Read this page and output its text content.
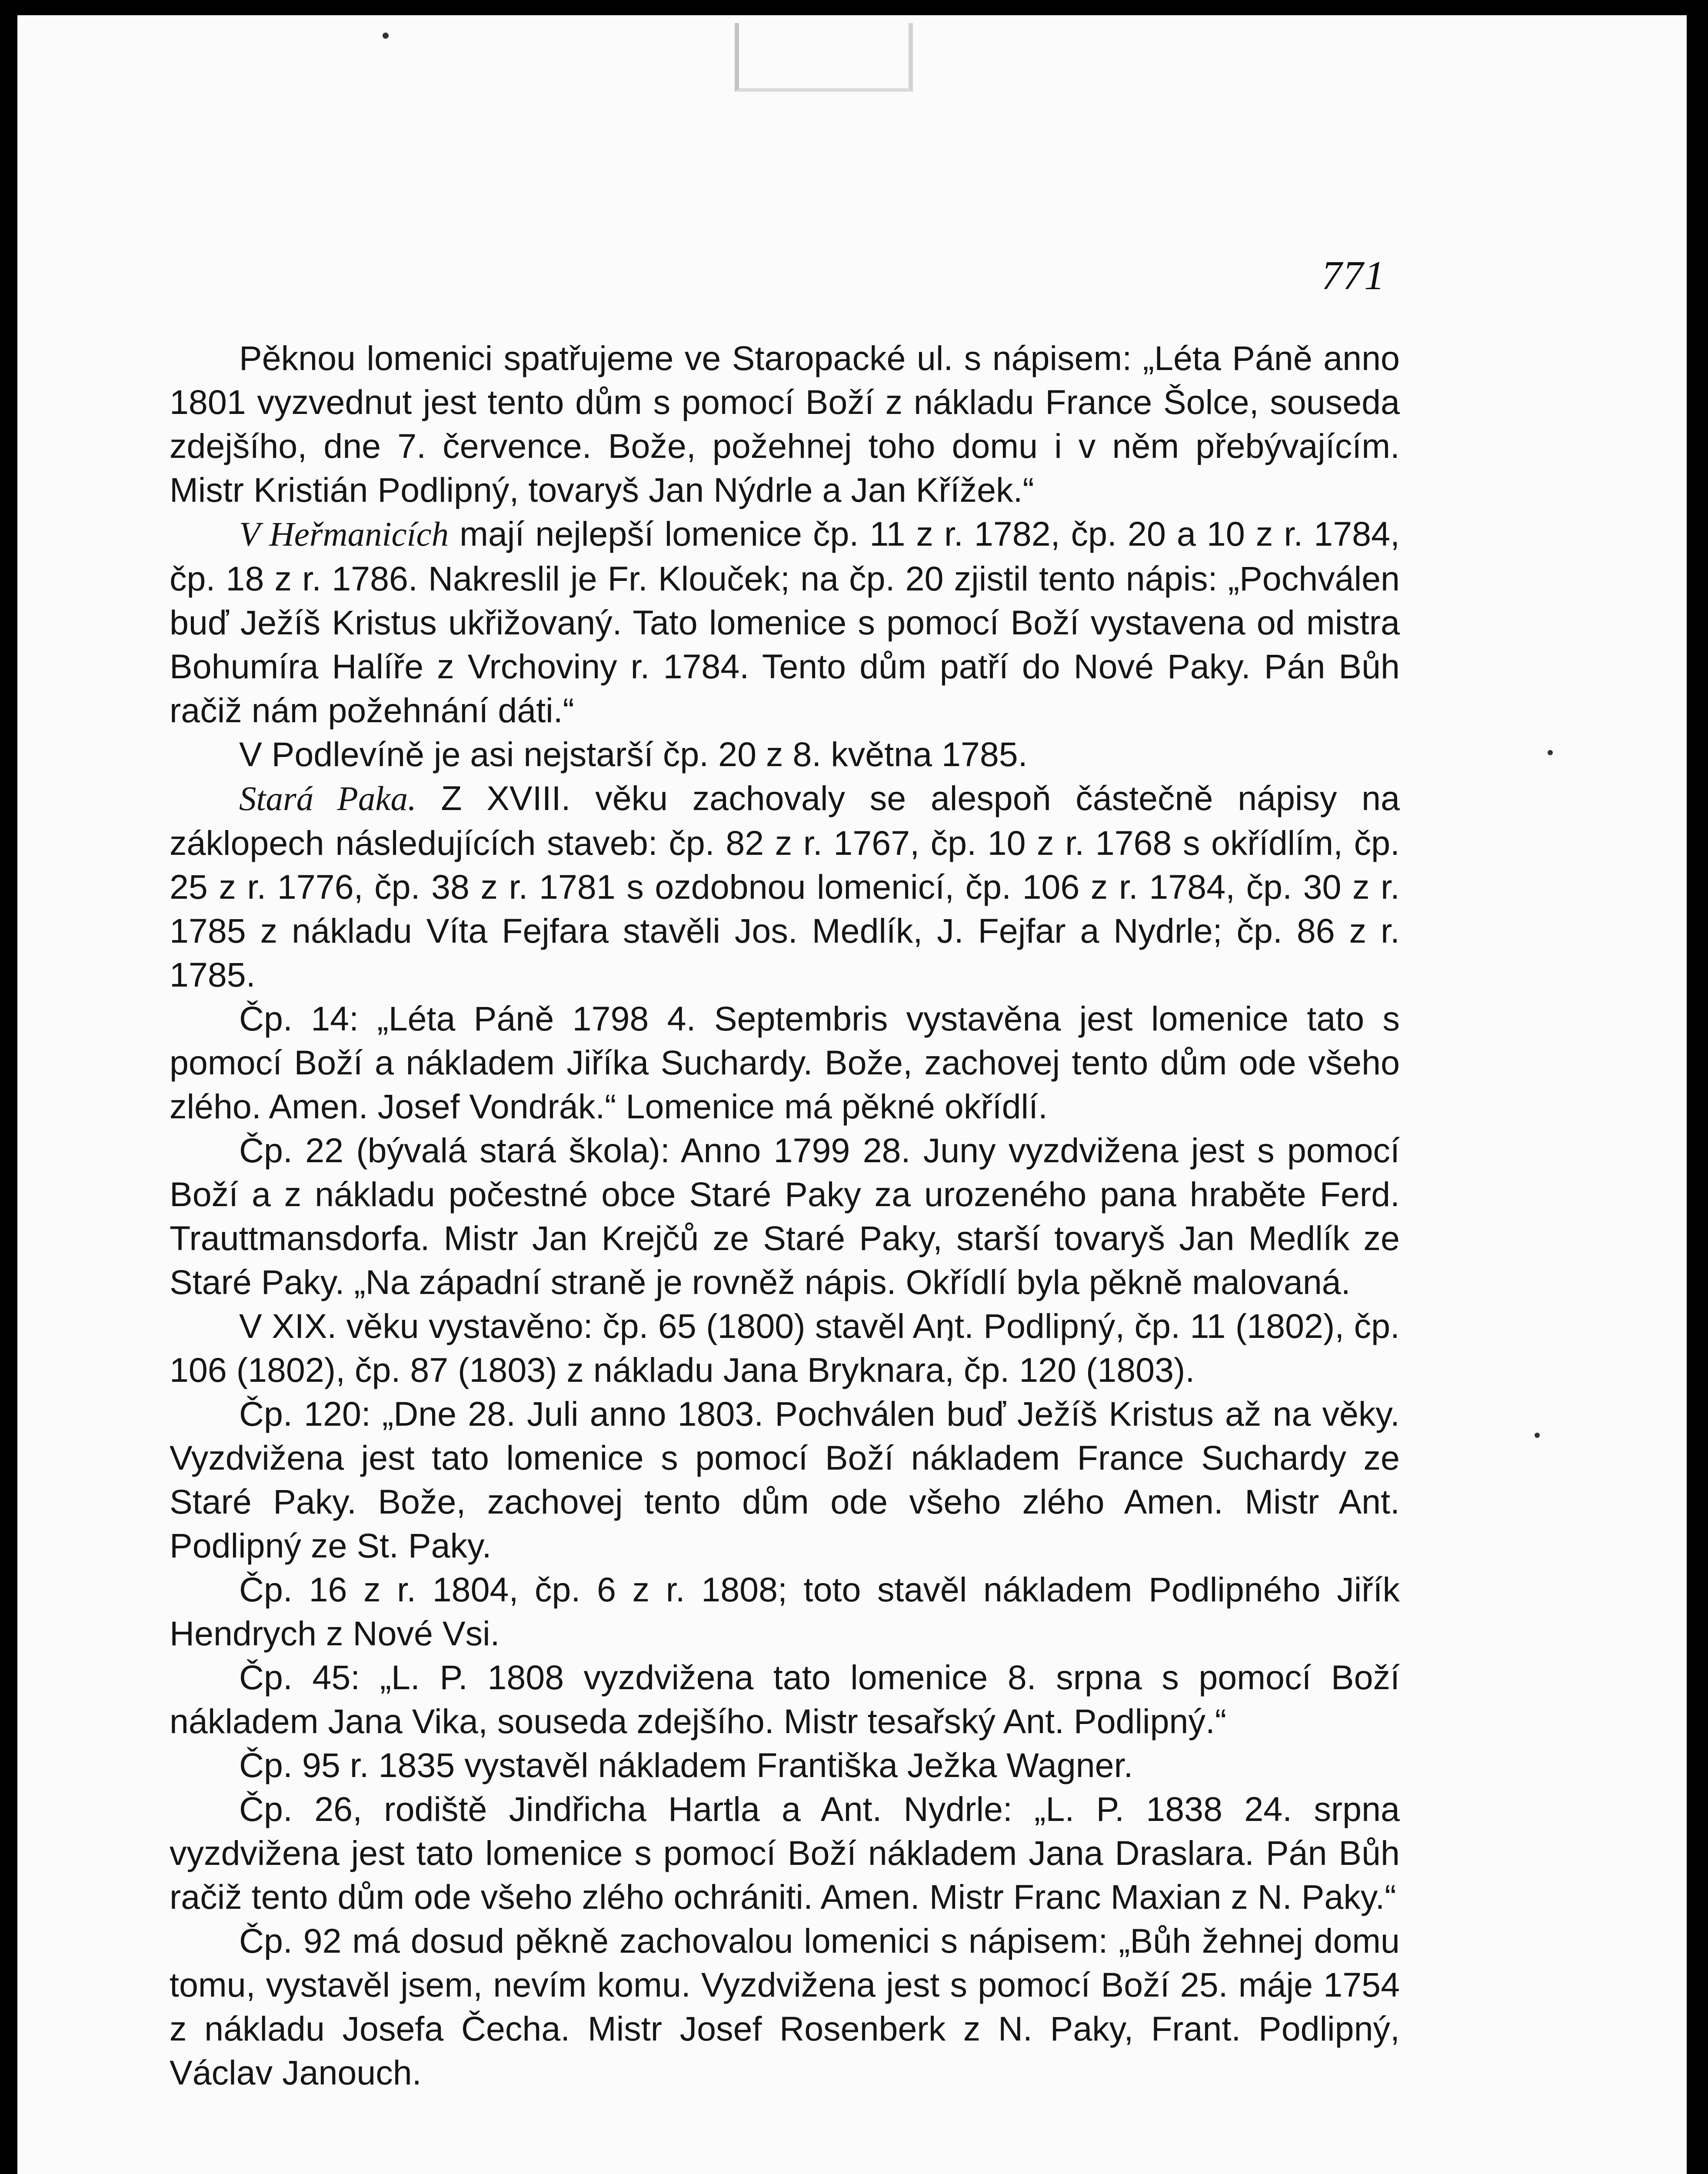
771

Pěknou lomenici spatřujeme ve Staropacké ul. s nápisem: „Léta Páně anno 1801 vyzvednut jest tento dům s pomocí Boží z nákladu France Šolce, souseda zdejšího, dne 7. července. Bože, požehnej toho domu i v něm přebývajícím. Mistr Kristián Podlipný, tovaryš Jan Nýdrle a Jan Křížek.“

V Heřmanicích mají nejlepší lomenice čp. 11 z r. 1782, čp. 20 a 10 z r. 1784, čp. 18 z r. 1786. Nakreslil je Fr. Klouček; na čp. 20 zjistil tento nápis: „Pochválen buď Ježíš Kristus ukřižovaný. Tato lomenice s pomocí Boží vystavena od mistra Bohumíra Halíře z Vrchoviny r. 1784. Tento dům patří do Nové Paky. Pán Bůh račiž nám požehnání dáti.“

V Podlevíně je asi nejstarší čp. 20 z 8. května 1785.

Stará Paka. Z XVIII. věku zachovaly se alespoň částečně nápisy na záklopech následujících staveb: čp. 82 z r. 1767, čp. 10 z r. 1768 s okřídlím, čp. 25 z r. 1776, čp. 38 z r. 1781 s ozdobnou lomenicí, čp. 106 z r. 1784, čp. 30 z r. 1785 z nákladu Víta Fejfara stavěli Jos. Medlík, J. Fejfar a Nydrle; čp. 86 z r. 1785.

Čp. 14: „Léta Páně 1798 4. Septembris vystavěna jest lomenice tato s pomocí Boží a nákladem Jiříka Suchardy. Bože, zachovej tento dům ode všeho zlého. Amen. Josef Vondrák.“ Lomenice má pěkné okřídlí.

Čp. 22 (bývalá stará škola): Anno 1799 28. Juny vyzdvižena jest s pomocí Boží a z nákladu počestné obce Staré Paky za urozeného pana hraběte Ferd. Trauttmansdorfa. Mistr Jan Krejčů ze Staré Paky, starší tovaryš Jan Medlík ze Staré Paky. „Na západní straně je rovněž nápis. Okřídlí byla pěkně malovaná.

V XIX. věku vystavěno: čp. 65 (1800) stavěl Ant. Podlipný, čp. 11 (1802), čp. 106 (1802), čp. 87 (1803) z nákladu Jana Bryknara, čp. 120 (1803).

Čp. 120: „Dne 28. Juli anno 1803. Pochválen buď Ježíš Kristus až na věky. Vyzdvižena jest tato lomenice s pomocí Boží nákladem France Suchardy ze Staré Paky. Bože, zachovej tento dům ode všeho zlého Amen. Mistr Ant. Podlipný ze St. Paky.

Čp. 16 z r. 1804, čp. 6 z r. 1808; toto stavěl nákladem Podlipného Jiřík Hendrych z Nové Vsi.

Čp. 45: „L. P. 1808 vyzdvižena tato lomenice 8. srpna s pomocí Boží nákladem Jana Vika, souseda zdejšího. Mistr tesařský Ant. Podlipný.“

Čp. 95 r. 1835 vystavěl nákladem Františka Ježka Wagner.

Čp. 26, rodiště Jindřicha Hartla a Ant. Nydrle: „L. P. 1838 24. srpna vyzdvižena jest tato lomenice s pomocí Boží nákladem Jana Draslara. Pán Bůh račiž tento dům ode všeho zlého ochrániti. Amen. Mistr Franc Maxian z N. Paky.“

Čp. 92 má dosud pěkně zachovalou lomenici s nápisem: „Bůh žehnej domu tomu, vystavěl jsem, nevím komu. Vyzdvižena jest s pomocí Boží 25. máje 1754 z nákladu Josefa Čecha. Mistr Josef Rosenberk z N. Paky, Frant. Podlipný, Václav Janouch.
